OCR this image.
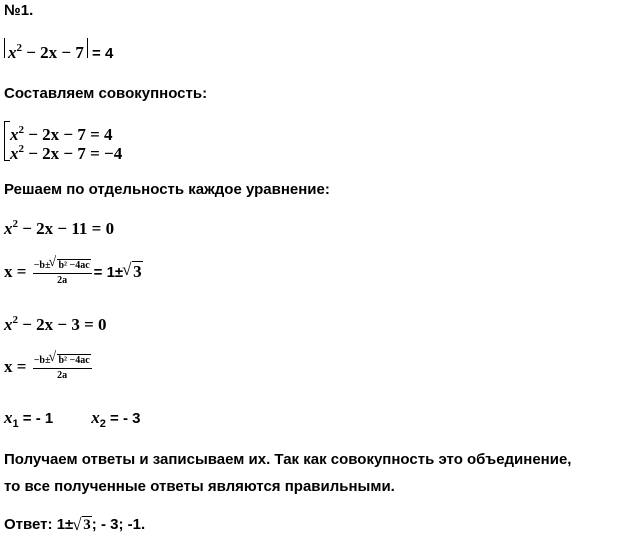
№1.
$x^2 - 2x - 7 = 4$
Составляем совокупность:
$x^2 - 2x - 7 = 4$
$x^2 - 2x - 7 = -4$
Решаем по отдельность каждое уравнение:
$x^2 - 2x - 11 = 0$
$x = \frac{\text{−b±√ b² −4ac}}{2a} = 1\pm√$ 3
$x^2 - 2x - 3 = 0$
$x = \frac{\text{−b±√ b² −4ac}}{2a}$
$x_1$ = - 1 $x_2$ = - 3
Получаем ответы и записываем их. Так как совокупность это объединение,
то все полученные ответы являются правильными.
Ответ: 1±√ 3; - 3; -1.
